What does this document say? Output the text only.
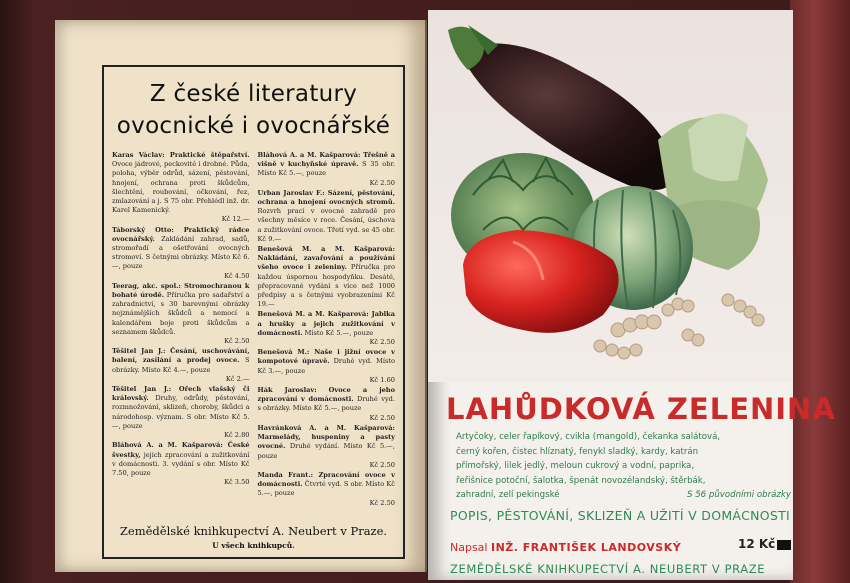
Z české literatury
ovocnické i ovocnářské
Karas Václav: Praktické štěpařství. Ovoce jádrové, peckovité i drobné. Půda, poloha, výběr odrůd, sázení, pěstování, hnojení, ochrana proti škůdcům, šlechtění, roubování, očkování, řez, zmlazování a j. S 75 obr. Přehlédl inž. dr. Karel Kamenický.
Kč 12.—
Táborský Otto: Praktický rádce ovocnářský. Zakládání zahrad, sadů, stromořadí a ošetřování ovocných stromoví. S četnými obrázky. Místo Kč 6.—, pouze
Kč 4.50
Teerag, akc. spol.: Stromochranou k bohaté úrodě. Příručka pro sadařství a zahradnictví, s 30 barevnými obrázky nejznámějších škůdců a nemocí a kalendářem boje proti škůdcům a seznamem škůdců.
Kč 2.50
Těšitel Jan J.: Česání, uschovávání, balení, zasílání a prodej ovoce. S obrázky. Místo Kč 4.—, pouze
Kč 2.—
Těšitel Jan J.: Ořech vlašský či královský. Druhy, odrůdy, pěstování, rozmnožování, sklizeň, choroby, škůdci a národohosp. význam. S obr. Místo Kč 5.—, pouze
Kč 2.80
Bláhová A. a M. Kašparová: České švestky, jejich zpracování a zužitkování v domácnosti. 3. vydání s obr. Místo Kč 7.50, pouze
Kč 3.50
Bláhová A. a M. Kašparová: Třešně a višně v kuchyňské úpravě. S 35 obr. Místo Kč 5.—, pouze
Kč 2.50
Urban Jaroslav F.: Sázení, pěstování, ochrana a hnojení ovocných stromů. Rozvrh prací v ovocné zahradě pro všechny měsíce v roce. Česání, úschova a zužitkování ovoce. Třetí vyd. se 45 obr. Kč 9.—
Benešová M. a M. Kašparová: Nakládání, zavařování a používání všeho ovoce i zeleniny. Příručka pro každou úspornou hospodyňku. Desáté, přepracované vydání s více než 1000 předpisy a s četnými vyobrazeními Kč 19.—
Benešová M. a M. Kašparová: Jablka a hrušky a jejich zužitkování v domácnosti. Místo Kč 5.—, pouze
Kč 2.50
Benešová M.: Naše i jižní ovoce v kompotové úpravě. Druhé vyd. Místo Kč 3.—, pouze
Kč 1.60
Hák Jaroslav: Ovoce a jeho zpracování v domácnosti. Druhé vyd. s obrázky. Místo Kč 5.—, pouze
Kč 2.50
Havránková A. a M. Kašparová: Marmelády, huspeniny a pasty ovocné. Druhé vydání. Místo Kč 5.—, pouze
Kč 2.50
Manda Frant.: Zpracování ovoce v domácnosti. Čtvrté vyd. S obr. Místo Kč 5.—, pouze
Kč 2.50
Zemědělské knihkupectví A. Neubert v Praze.
U všech knihkupců.
LAHŮDKOVÁ ZELENINA
Artyčoky, celer řapíkový, cvikla (mangold), čekanka salátová,
černý kořen, čistec hlíznatý, fenykl sladký, kardy, katrán
přímořský, lilek jedlý, meloun cukrový a vodní, paprika,
řeřišnice potoční, šalotka, špenát novozélandský, štěrbák,
zahradní, zelí pekingské	S 56 původními obrázky
POPIS, PĚSTOVÁNÍ, SKLIZEŇ A UŽITÍ V DOMÁCNOSTI
Napsal INŽ. FRANTIŠEK LANDOVSKÝ	12 Kč
ZEMĚDĚLSKÉ KNIHKUPECTVÍ A. NEUBERT V PRAZE
